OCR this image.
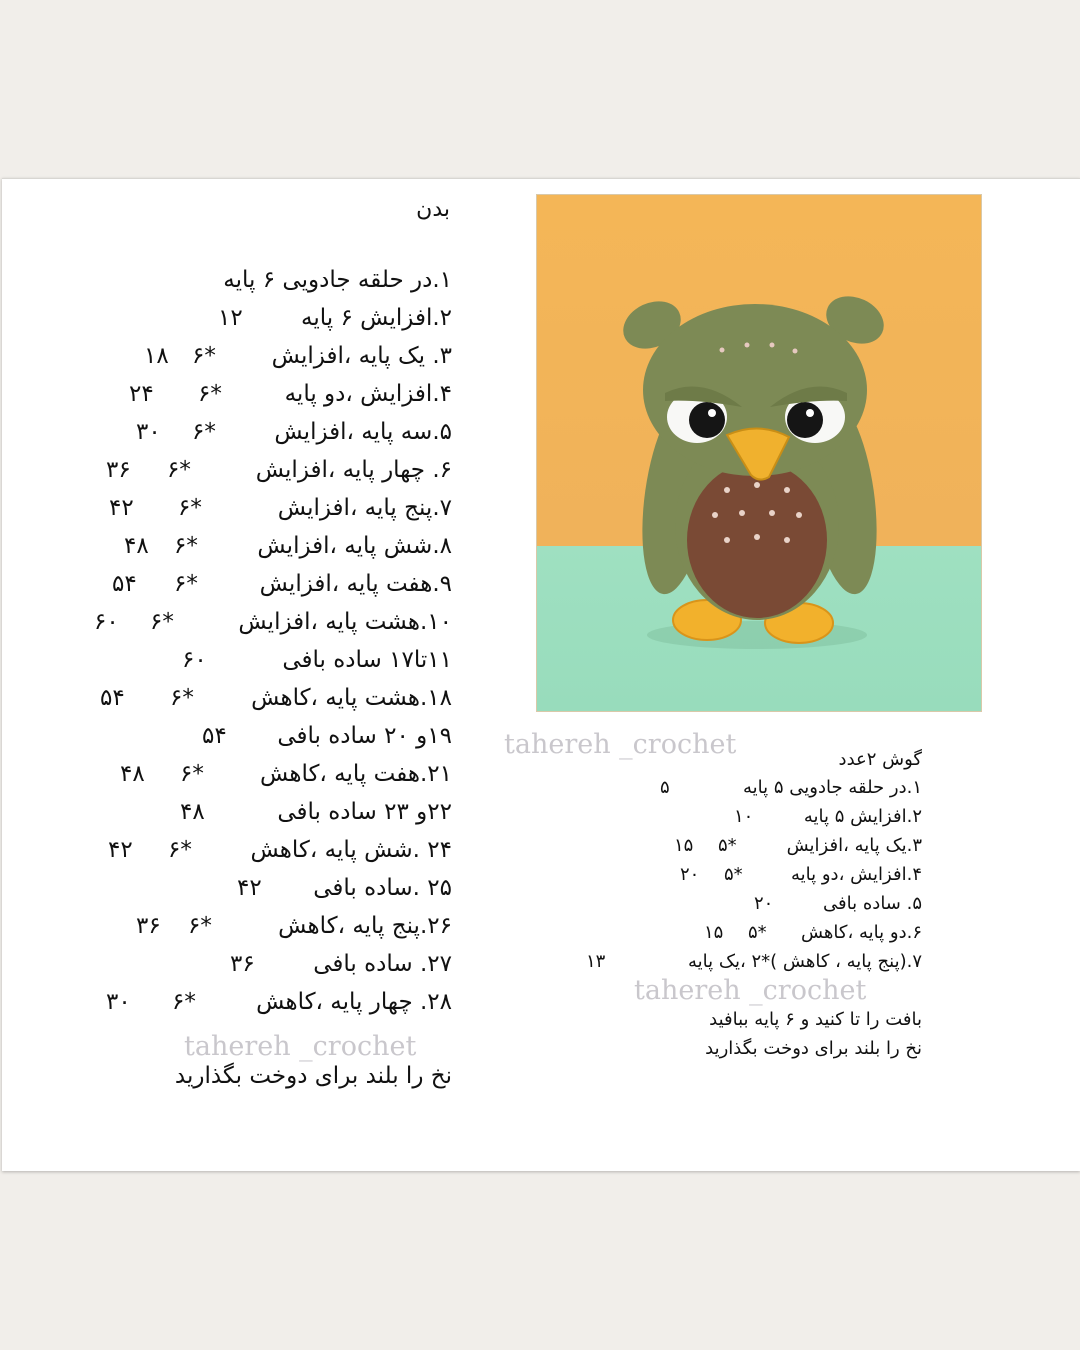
بدن
۱.در حلقه جادویی ۶ پایه
۲.افزایش ۶ پایه
۱۲
۳. یک پایه ،افزایش
*۶
۱۸
۴.افزایش ،دو پایه
*۶
۲۴
۵.سه پایه ،افزایش
*۶
۳۰
۶. چهار پایه ،افزایش
*۶
۳۶
۷.پنج پایه ،افزایش
*۶
۴۲
۸.شش پایه ،افزایش
*۶
۴۸
۹.هفت پایه ،افزایش
*۶
۵۴
۱۰.هشت پایه ،افزایش
*۶
۶۰
۱۱تا۱۷ ساده بافی
۶۰
۱۸.هشت پایه ،کاهش
*۶
۵۴
۱۹و ۲۰ ساده بافی
۵۴
۲۱.هفت پایه ،کاهش
*۶
۴۸
۲۲و ۲۳ ساده بافی
۴۸
۲۴ .شش پایه ،کاهش
*۶
۴۲
۲۵ .ساده بافی
۴۲
۲۶.پنج پایه ،کاهش
*۶
۳۶
۲۷. ساده بافی
۳۶
۲۸. چهار پایه ،کاهش
*۶
۳۰
tahereh _crochet
نخ را بلند برای دوخت بگذارید
tahereh _crochet	گوش ۲عدد
۱.در حلقه جادویی ۵ پایه
۵
۲.افزایش ۵ پایه
۱۰
۳.یک پایه ،افزایش
*۵
۱۵
۴.افزایش ،دو پایه
*۵
۲۰
۵. ساده بافی
۲۰
۶.دو پایه ،کاهش
*۵
۱۵
۷.(پنج پایه ، کاهش )*۲ ،یک پایه
۱۳
بافت را تا کنید و ۶ پایه ببافید
نخ را بلند برای دوخت بگذارید
tahereh _crochet
